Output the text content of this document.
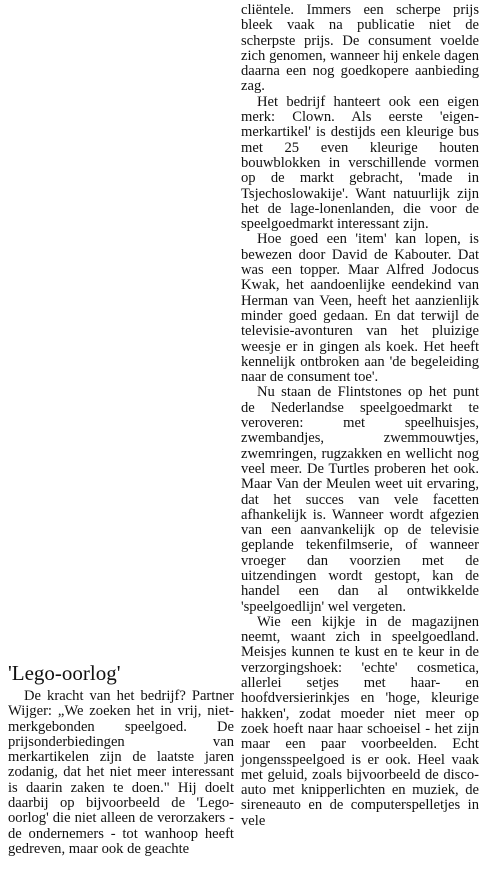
cliëntele. Immers een scherpe prijs bleek vaak na publicatie niet de scherpste prijs. De consument voelde zich genomen, wanneer hij enkele dagen daarna een nog goedkopere aanbieding zag.

Het bedrijf hanteert ook een eigen merk: Clown. Als eerste 'eigen-merkartikel' is destijds een kleurige bus met 25 even kleurige houten bouwblokken in verschillende vormen op de markt gebracht, 'made in Tsjechoslowakije'. Want natuurlijk zijn het de lage-lonenlanden, die voor de speelgoedmarkt interessant zijn.

Hoe goed een 'item' kan lopen, is bewezen door David de Kabouter. Dat was een topper. Maar Alfred Jodocus Kwak, het aandoenlijke eendekind van Herman van Veen, heeft het aanzienlijk minder goed gedaan. En dat terwijl de televisie-avonturen van het pluizige weesje er in gingen als koek. Het heeft kennelijk ontbroken aan 'de begeleiding naar de consument toe'.

Nu staan de Flintstones op het punt de Nederlandse speelgoedmarkt te veroveren: met speelhuisjes, zwembandjes, zwemmouwtjes, zwemringen, rugzakken en wellicht nog veel meer. De Turtles proberen het ook. Maar Van der Meulen weet uit ervaring, dat het succes van vele facetten afhankelijk is. Wanneer wordt afgezien van een aanvankelijk op de televisie geplande tekenfilmserie, of wanneer vroeger dan voorzien met de uitzendingen wordt gestopt, kan de handel een dan al ontwikkelde 'speelgoedlijn' wel vergeten.

Wie een kijkje in de magazijnen neemt, waant zich in speelgoedland. Meisjes kunnen te kust en te keur in de verzorgingshoek: 'echte' cosmetica, allerlei setjes met haar- en hoofdversierinkjes en 'hoge, kleurige hakken', zodat moeder niet meer op zoek hoeft naar haar schoeisel - het zijn maar een paar voorbeelden. Echt jongensspeelgoed is er ook. Heel vaak met geluid, zoals bijvoorbeeld de disco-auto met knipperlichten en muziek, de sireneauto en de computerspelletjes in vele

'Lego-oorlog'

De kracht van het bedrijf? Partner Wijger: „We zoeken het in vrij, niet-merkgebonden speelgoed. De prijsonderbiedingen van merkartikelen zijn de laatste jaren zodanig, dat het niet meer interessant is daarin zaken te doen." Hij doelt daarbij op bijvoorbeeld de 'Lego-oorlog' die niet alleen de verorzakers - de ondernemers - tot wanhoop heeft gedreven, maar ook de geachte
